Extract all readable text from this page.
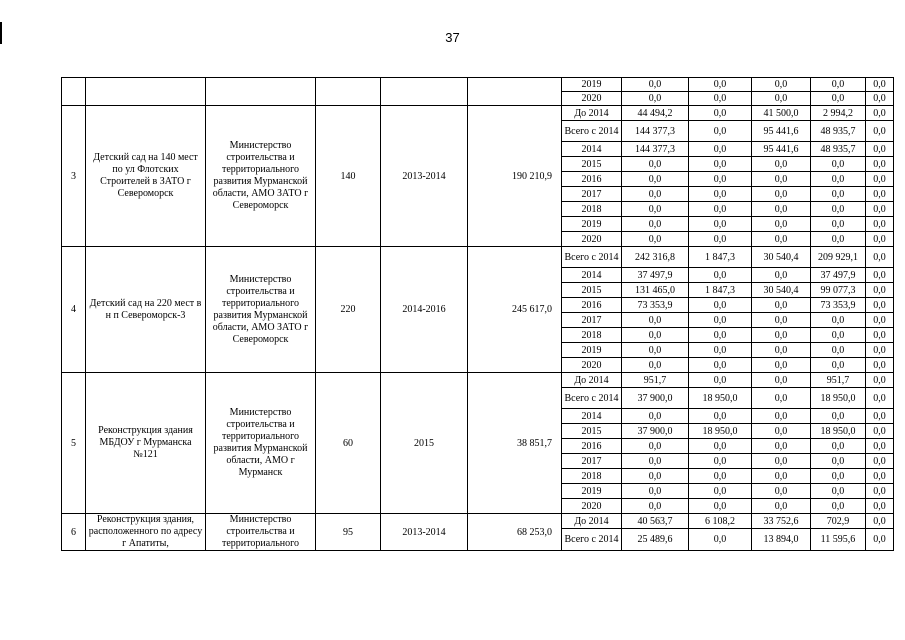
37
						2019	0,0	0,0	0,0	0,0	0,0
						2020	0,0	0,0	0,0	0,0	0,0
3	Детский сад на 140 мест по ул Флотских Строителей в ЗАТО г Североморск	Министерство строительства и территориального развития Мурманской области, АМО ЗАТО г Североморск	140	2013-2014	190 210,9	До 2014	44 494,2	0,0	41 500,0	2 994,2	0,0
						Всего с 2014	144 377,3	0,0	95 441,6	48 935,7	0,0
						2014	144 377,3	0,0	95 441,6	48 935,7	0,0
						2015	0,0	0,0	0,0	0,0	0,0
						2016	0,0	0,0	0,0	0,0	0,0
						2017	0,0	0,0	0,0	0,0	0,0
						2018	0,0	0,0	0,0	0,0	0,0
						2019	0,0	0,0	0,0	0,0	0,0
						2020	0,0	0,0	0,0	0,0	0,0
4	Детский сад на 220 мест в н п Североморск-3	Министерство строительства и территориального развития Мурманской области, АМО ЗАТО г Североморск	220	2014-2016	245 617,0	Всего с 2014	242 316,8	1 847,3	30 540,4	209 929,1	0,0
						2014	37 497,9	0,0	0,0	37 497,9	0,0
						2015	131 465,0	1 847,3	30 540,4	99 077,3	0,0
						2016	73 353,9	0,0	0,0	73 353,9	0,0
						2017	0,0	0,0	0,0	0,0	0,0
						2018	0,0	0,0	0,0	0,0	0,0
						2019	0,0	0,0	0,0	0,0	0,0
						2020	0,0	0,0	0,0	0,0	0,0
5	Реконструкция здания МБДОУ г Мурманска №121	Министерство строительства и территориального развития Мурманской области, АМО г Мурманск	60	2015	38 851,7	До 2014	951,7	0,0	0,0	951,7	0,0
						Всего с 2014	37 900,0	18 950,0	0,0	18 950,0	0,0
						2014	0,0	0,0	0,0	0,0	0,0
						2015	37 900,0	18 950,0	0,0	18 950,0	0,0
						2016	0,0	0,0	0,0	0,0	0,0
						2017	0,0	0,0	0,0	0,0	0,0
						2018	0,0	0,0	0,0	0,0	0,0
						2019	0,0	0,0	0,0	0,0	0,0
						2020	0,0	0,0	0,0	0,0	0,0
6	Реконструкция здания, расположенного по адресу г Апатиты,	Министерство строительства и территориального	95	2013-2014	68 253,0	До 2014	40 563,7	6 108,2	33 752,6	702,9	0,0
						Всего с 2014	25 489,6	0,0	13 894,0	11 595,6	0,0
